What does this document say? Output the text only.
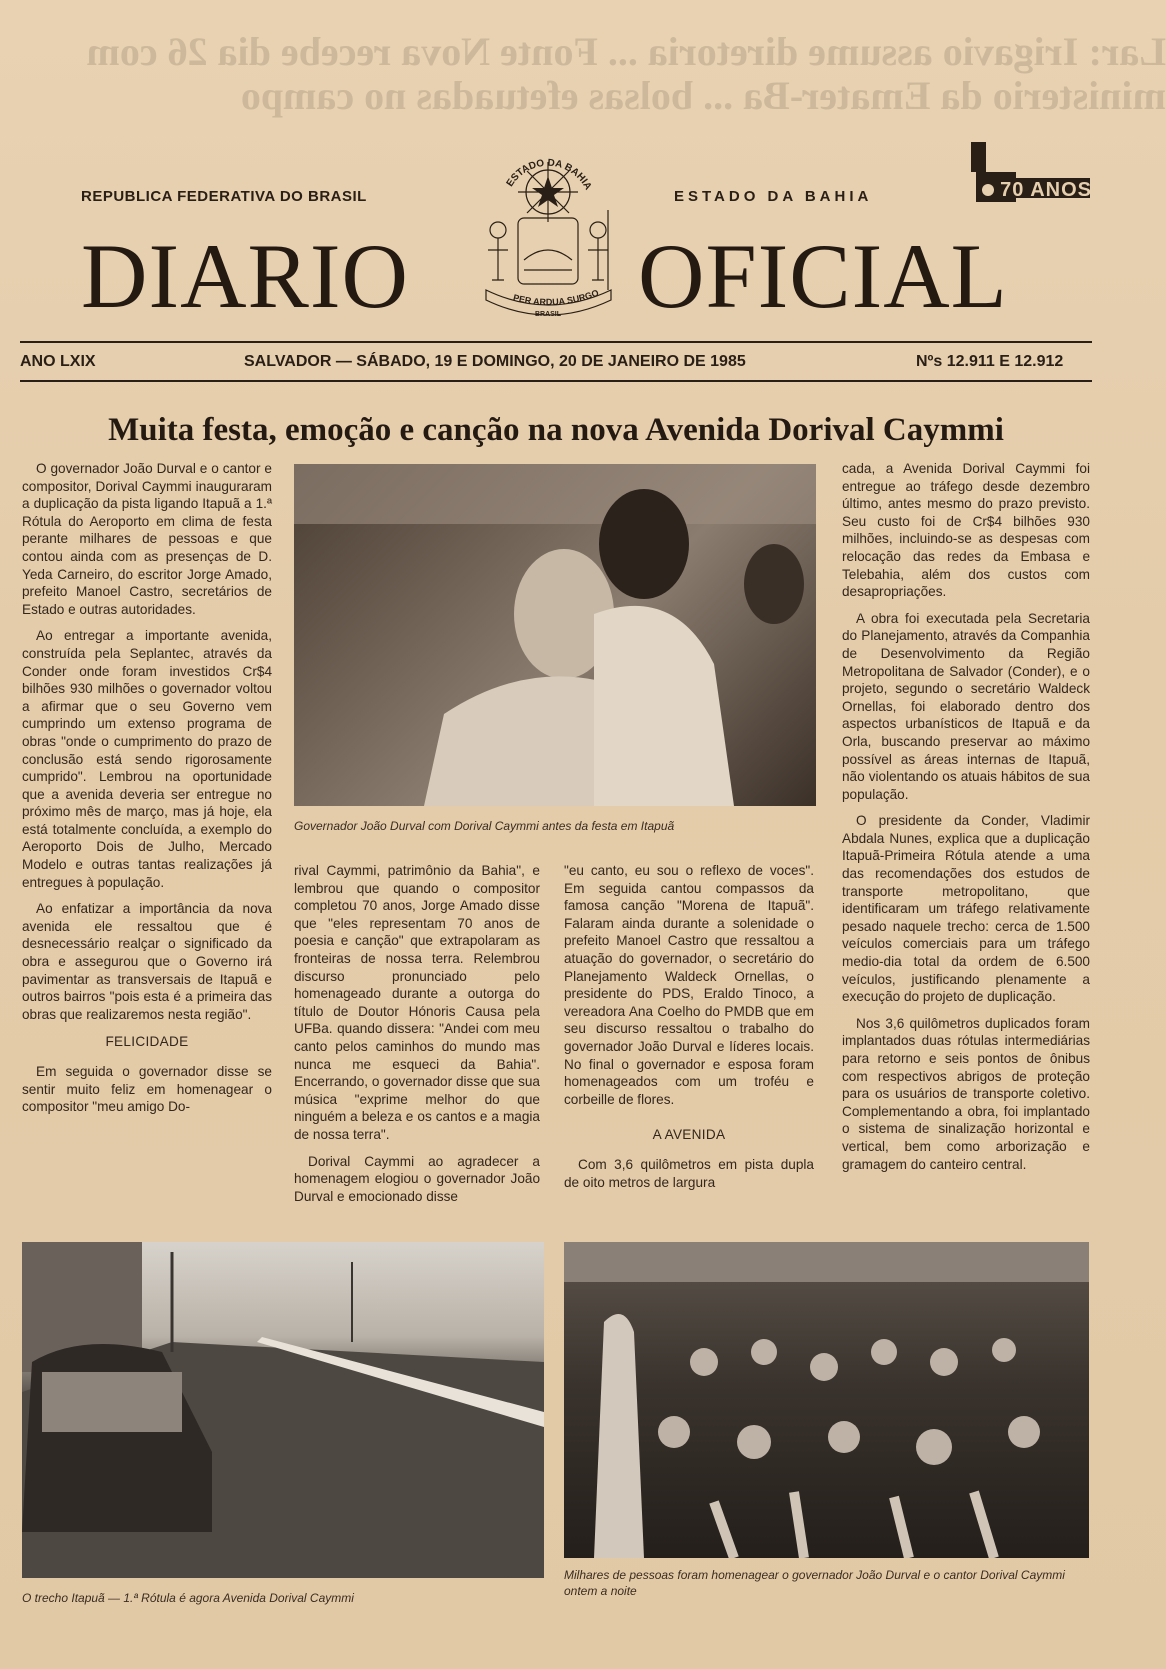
Lar: Irigavio assume diretoria ... Fonte Nova recebe dia 26 com
ministerio da Emater-Ba ... bolsas efetuadas no campo
REPUBLICA FEDERATIVA DO BRASIL	ESTADO DA BAHIA
DIARIO OFICIAL
ESTADO DA BAHIA
PER ARDUA SURGO
BRASIL
70 ANOS
ANO LXIX	SALVADOR — SÁBADO, 19 E DOMINGO, 20 DE JANEIRO DE 1985	Nºs 12.911 E 12.912
Muita festa, emoção e canção na nova Avenida Dorival Caymmi

O governador João Durval e o cantor e compositor, Dorival Caymmi inauguraram a duplicação da pista ligando Itapuã a 1.ª Rótula do Aeroporto em clima de festa perante milhares de pessoas e que contou ainda com as presenças de D. Yeda Carneiro, do escritor Jorge Amado, prefeito Manoel Castro, secretários de Estado e outras autoridades.

Ao entregar a importante avenida, construída pela Seplantec, através da Conder onde foram investidos Cr$4 bilhões 930 milhões o governador voltou a afirmar que o seu Governo vem cumprindo um extenso programa de obras "onde o cumprimento do prazo de conclusão está sendo rigorosamente cumprido". Lembrou na oportunidade que a avenida deveria ser entregue no próximo mês de março, mas já hoje, ela está totalmente concluída, a exemplo do Aeroporto Dois de Julho, Mercado Modelo e outras tantas realizações já entregues à população.

Ao enfatizar a importância da nova avenida ele ressaltou que é desnecessário realçar o significado da obra e assegurou que o Governo irá pavimentar as transversais de Itapuã e outros bairros "pois esta é a primeira das obras que realizaremos nesta região".

FELICIDADE

Em seguida o governador disse se sentir muito feliz em homenagear o compositor "meu amigo Do-

Governador João Durval com Dorival Caymmi antes da festa em Itapuã

rival Caymmi, patrimônio da Bahia", e lembrou que quando o compositor completou 70 anos, Jorge Amado disse que "eles representam 70 anos de poesia e canção" que extrapolaram as fronteiras de nossa terra. Relembrou discurso pronunciado pelo homenageado durante a outorga do título de Doutor Hónoris Causa pela UFBa. quando dissera: "Andei com meu canto pelos caminhos do mundo mas nunca me esqueci da Bahia". Encerrando, o governador disse que sua música "exprime melhor do que ninguém a beleza e os cantos e a magia de nossa terra".

Dorival Caymmi ao agradecer a homenagem elogiou o governador João Durval e emocionado disse

"eu canto, eu sou o reflexo de voces". Em seguida cantou compassos da famosa canção "Morena de Itapuã". Falaram ainda durante a solenidade o prefeito Manoel Castro que ressaltou a atuação do governador, o secretário do Planejamento Waldeck Ornellas, o presidente do PDS, Eraldo Tinoco, a vereadora Ana Coelho do PMDB que em seu discurso ressaltou o trabalho do governador João Durval e líderes locais. No final o governador e esposa foram homenageados com um troféu e corbeille de flores.

A AVENIDA

Com 3,6 quilômetros em pista dupla de oito metros de largura

cada, a Avenida Dorival Caymmi foi entregue ao tráfego desde dezembro último, antes mesmo do prazo previsto. Seu custo foi de Cr$4 bilhões 930 milhões, incluindo-se as despesas com relocação das redes da Embasa e Telebahia, além dos custos com desapropriações.

A obra foi executada pela Secretaria do Planejamento, através da Companhia de Desenvolvimento da Região Metropolitana de Salvador (Conder), e o projeto, segundo o secretário Waldeck Ornellas, foi elaborado dentro dos aspectos urbanísticos de Itapuã e da Orla, buscando preservar ao máximo possível as áreas internas de Itapuã, não violentando os atuais hábitos de sua população.

O presidente da Conder, Vladimir Abdala Nunes, explica que a duplicação Itapuã-Primeira Rótula atende a uma das recomendações dos estudos de transporte metropolitano, que identificaram um tráfego relativamente pesado naquele trecho: cerca de 1.500 veículos comerciais para um tráfego medio-dia total da ordem de 6.500 veículos, justificando plenamente a execução do projeto de duplicação.

Nos 3,6 quilômetros duplicados foram implantados duas rótulas intermediárias para retorno e seis pontos de ônibus com respectivos abrigos de proteção para os usuários de transporte coletivo. Complementando a obra, foi implantado o sistema de sinalização horizontal e vertical, bem como arborização e gramagem do canteiro central.

O trecho Itapuã — 1.ª Rótula é agora Avenida Dorival Caymmi
Milhares de pessoas foram homenagear o governador João Durval e o cantor Dorival Caymmi ontem a noite
